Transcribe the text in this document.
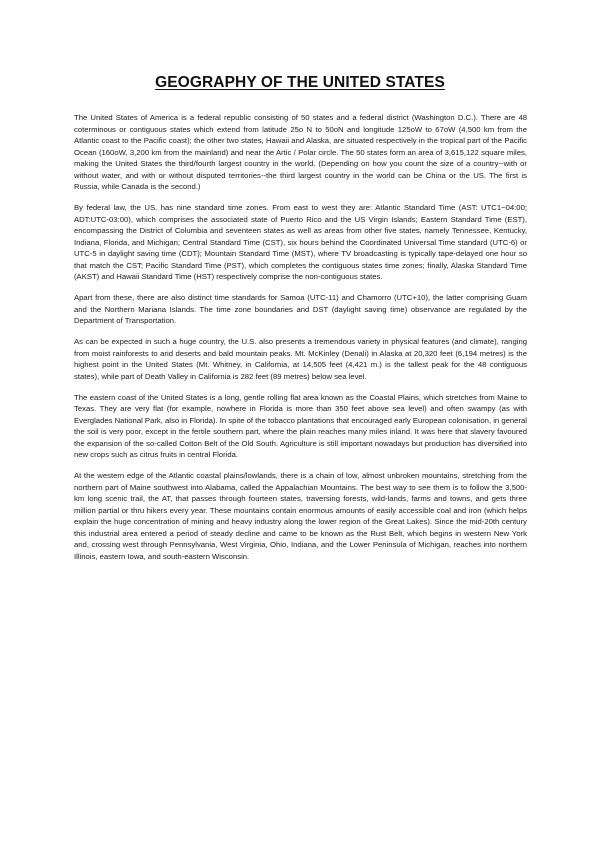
GEOGRAPHY OF THE UNITED STATES

The United States of America is a federal republic consisting of 50 states and a federal district (Washington D.C.). There are 48 coterminous or contiguous states which extend from latitude 25o N to 50oN and longitude 125oW to 67oW (4,500 km from the Atlantic coast to the Pacific coast); the other two states, Hawaii and Alaska, are situated respectively in the tropical part of the Pacific Ocean (160oW, 3,200 km from the mainland) and near the Artic / Polar circle. The 50 states form an area of 3,615,122 square miles, making the United States the third/fourth largest country in the world. (Depending on how you count the size of a country--with or without water, and with or without disputed territories--the third largest country in the world can be China or the US. The first is Russia, while Canada is the second.)

By federal law, the US. has nine standard time zones. From east to west they are: Atlantic Standard Time (AST: UTC1−04:00; ADT:UTC-03:00), which comprises the associated state of Puerto Rico and the US Virgin Islands; Eastern Standard Time (EST), encompassing the District of Columbia and seventeen states as well as areas from other five states, namely Tennessee, Kentucky, Indiana, Florida, and Michigan; Central Standard Time (CST), six hours behind the Coordinated Universal Time standard (UTC-6) or UTC-5 in daylight saving time (CDT); Mountain Standard Time (MST), where TV broadcasting is typically tape-delayed one hour so that match the CST; Pacific Standard Time (PST), which completes the contiguous states time zones; finally, Alaska Standard Time (AKST) and Hawaii Standard Time (HST) respectively comprise the non-contiguous states.

Apart from these, there are also distinct time standards for Samoa (UTC-11) and Chamorro (UTC+10), the latter comprising Guam and the Northern Mariana Islands. The time zone boundaries and DST (daylight saving time) observance are regulated by the Department of Transportation.

As can be expected in such a huge country, the U.S. also presents a tremendous variety in physical features (and climate), ranging from moist rainforests to arid deserts and bald mountain peaks. Mt. McKinley (Denali) in Alaska at 20,320 feet (6,194 metres) is the highest point in the United States (Mt. Whitney, in California, at 14,505 feet (4,421 m.) is the tallest peak for the 48 contiguous states), while part of Death Valley in California is 282 feet (89 metres) below sea level.

The eastern coast of the United States is a long, gentle rolling flat area known as the Coastal Plains, which stretches from Maine to Texas. They are very flat (for example, nowhere in Florida is more than 350 feet above sea level) and often swampy (as with Everglades National Park, also in Florida). In spite of the tobacco plantations that encouraged early European colonisation, in general the soil is very poor, except in the fertile southern part, where the plain reaches many miles inland. It was here that slavery favoured the expansion of the so-called Cotton Belt of the Old South. Agriculture is still important nowadays but production has diversified into new crops such as citrus fruits in central Florida.

At the western edge of the Atlantic coastal plains/lowlands, there is a chain of low, almost unbroken mountains, stretching from the northern part of Maine southwest into Alabama, called the Appalachian Mountains. The best way to see them is to follow the 3,500-km long scenic trail, the AT, that passes through fourteen states, traversing forests, wild-lands, farms and towns, and gets three million partial or thru hikers every year. These mountains contain enormous amounts of easily accessible coal and iron (which helps explain the huge concentration of mining and heavy industry along the lower region of the Great Lakes). Since the mid-20th century this industrial area entered a period of steady decline and came to be known as the Rust Belt, which begins in western New York and, crossing west through Pennsylvania, West Virginia, Ohio, Indiana, and the Lower Peninsula of Michigan, reaches into northern Illinois, eastern Iowa, and south-eastern Wisconsin.
